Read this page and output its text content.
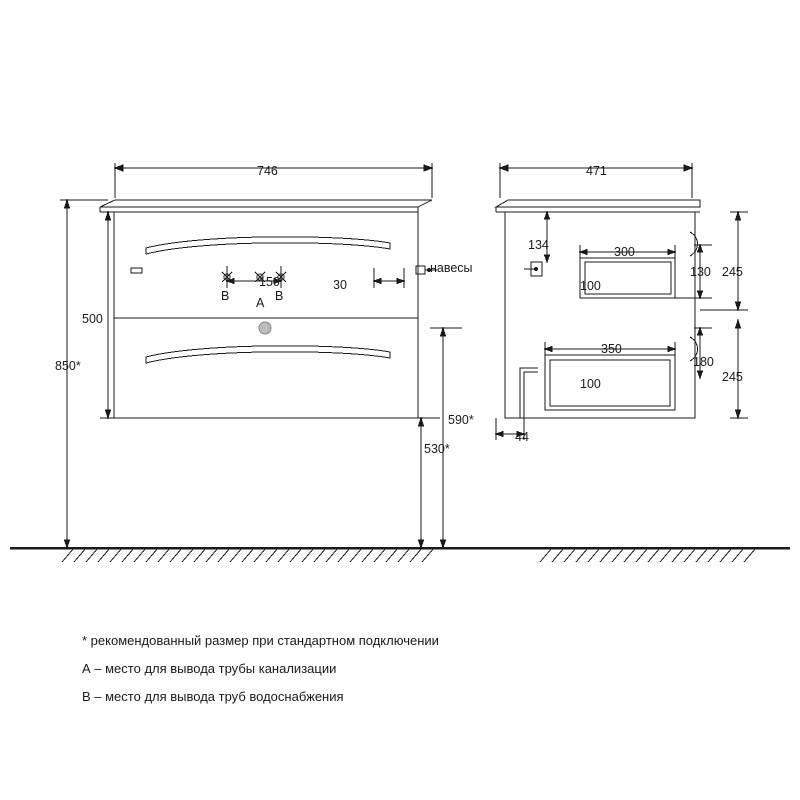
746
150	30
B	B
A
500
850*
590*
530*
навесы
471
134	300
100
350
100
130 245
180
245
44
* рекомендованный размер при стандартном подключении
А – место для вывода трубы канализации
В – место для вывода труб водоснабжения
